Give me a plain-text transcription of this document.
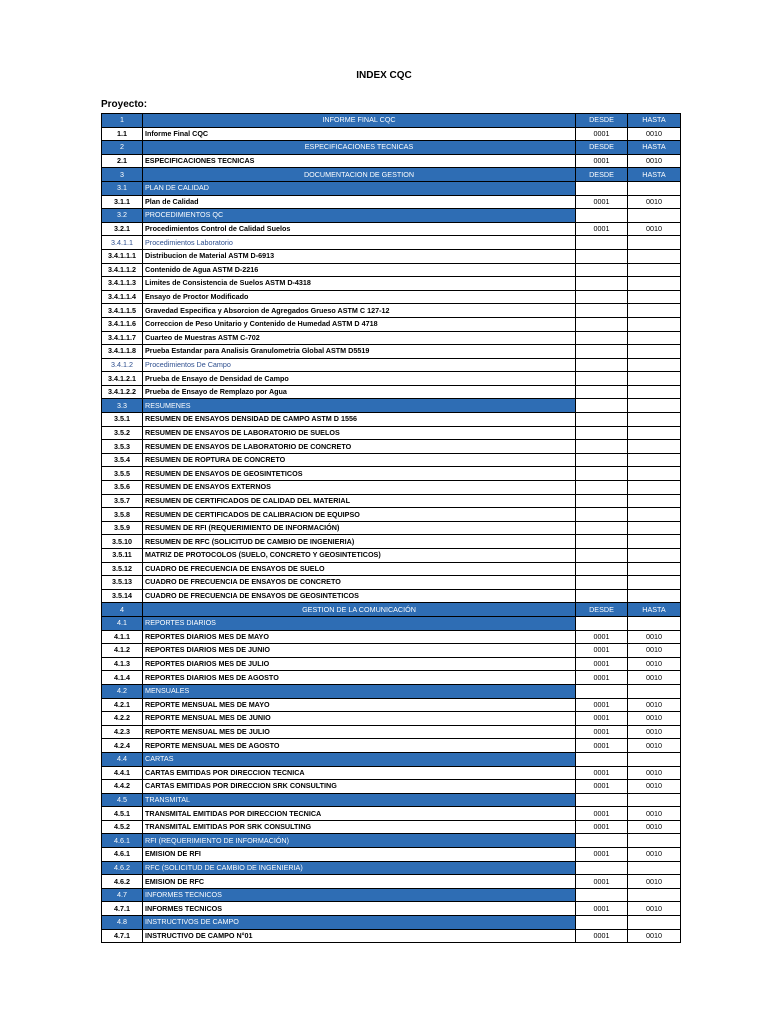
INDEX CQC
Proyecto:
1	INFORME FINAL CQC	DESDE	HASTA
1.1	Informe Final CQC	0001	0010
2	ESPECIFICACIONES TECNICAS	DESDE	HASTA
2.1	ESPECIFICACIONES TECNICAS	0001	0010
3	DOCUMENTACION DE GESTION	DESDE	HASTA
3.1	PLAN DE CALIDAD		
3.1.1	Plan de Calidad	0001	0010
3.2	PROCEDIMIENTOS QC		
3.2.1	Procedimientos Control de Calidad Suelos	0001	0010
3.4.1.1	Procedimientos Laboratorio		
3.4.1.1.1	Distribucion de Material ASTM D-6913		
3.4.1.1.2	Contenido de Agua ASTM D-2216		
3.4.1.1.3	Limites de Consistencia de Suelos ASTM D-4318		
3.4.1.1.4	Ensayo de Proctor Modificado		
3.4.1.1.5	Gravedad Especifica y Absorcion de Agregados Grueso ASTM C 127-12		
3.4.1.1.6	Correccion de Peso Unitario y Contenido de Humedad ASTM D 4718		
3.4.1.1.7	Cuarteo de Muestras ASTM C-702		
3.4.1.1.8	Prueba Estandar para Analisis Granulometria Global ASTM D5519		
3.4.1.2	Procedimientos De Campo		
3.4.1.2.1	Prueba de Ensayo de Densidad de Campo		
3.4.1.2.2	Prueba de Ensayo de Remplazo por Agua		
3.3	RESUMENES		
3.5.1	RESUMEN DE ENSAYOS DENSIDAD DE CAMPO ASTM D 1556		
3.5.2	RESUMEN DE ENSAYOS DE LABORATORIO DE SUELOS		
3.5.3	RESUMEN DE ENSAYOS DE LABORATORIO DE CONCRETO		
3.5.4	RESUMEN DE ROPTURA DE CONCRETO		
3.5.5	RESUMEN DE ENSAYOS DE GEOSINTETICOS		
3.5.6	RESUMEN DE ENSAYOS EXTERNOS		
3.5.7	RESUMEN DE CERTIFICADOS DE CALIDAD DEL MATERIAL		
3.5.8	RESUMEN DE CERTIFICADOS DE CALIBRACION DE EQUIPSO		
3.5.9	RESUMEN DE RFI (REQUERIMIENTO DE INFORMACIÓN)		
3.5.10	RESUMEN DE RFC (SOLICITUD DE CAMBIO DE INGENIERIA)		
3.5.11	MATRIZ DE PROTOCOLOS (SUELO, CONCRETO Y GEOSINTETICOS)		
3.5.12	CUADRO DE FRECUENCIA DE ENSAYOS DE SUELO		
3.5.13	CUADRO DE FRECUENCIA DE ENSAYOS DE CONCRETO		
3.5.14	CUADRO DE FRECUENCIA DE ENSAYOS DE GEOSINTETICOS		
4	GESTION DE LA COMUNICACIÓN	DESDE	HASTA
4.1	REPORTES DIARIOS		
4.1.1	REPORTES DIARIOS MES DE MAYO	0001	0010
4.1.2	REPORTES DIARIOS MES DE JUNIO	0001	0010
4.1.3	REPORTES DIARIOS MES DE JULIO	0001	0010
4.1.4	REPORTES DIARIOS MES DE AGOSTO	0001	0010
4.2	MENSUALES		
4.2.1	REPORTE MENSUAL MES DE MAYO	0001	0010
4.2.2	REPORTE MENSUAL MES DE JUNIO	0001	0010
4.2.3	REPORTE MENSUAL MES DE JULIO	0001	0010
4.2.4	REPORTE MENSUAL MES DE AGOSTO	0001	0010
4.4	CARTAS		
4.4.1	CARTAS EMITIDAS POR DIRECCION TECNICA	0001	0010
4.4.2	CARTAS EMITIDAS POR DIRECCION SRK CONSULTING	0001	0010
4.5	TRANSMITAL		
4.5.1	TRANSMITAL EMITIDAS POR DIRECCION TECNICA	0001	0010
4.5.2	TRANSMITAL EMITIDAS POR SRK CONSULTING	0001	0010
4.6.1	RFI (REQUERIMIENTO DE INFORMACIÓN)		
4.6.1	EMISION DE RFI	0001	0010
4.6.2	RFC (SOLICITUD DE CAMBIO DE INGENIERIA)		
4.6.2	EMISION DE RFC	0001	0010
4.7	INFORMES TECNICOS		
4.7.1	INFORMES TECNICOS	0001	0010
4.8	INSTRUCTIVOS DE CAMPO		
4.7.1	INSTRUCTIVO DE CAMPO N°01	0001	0010
